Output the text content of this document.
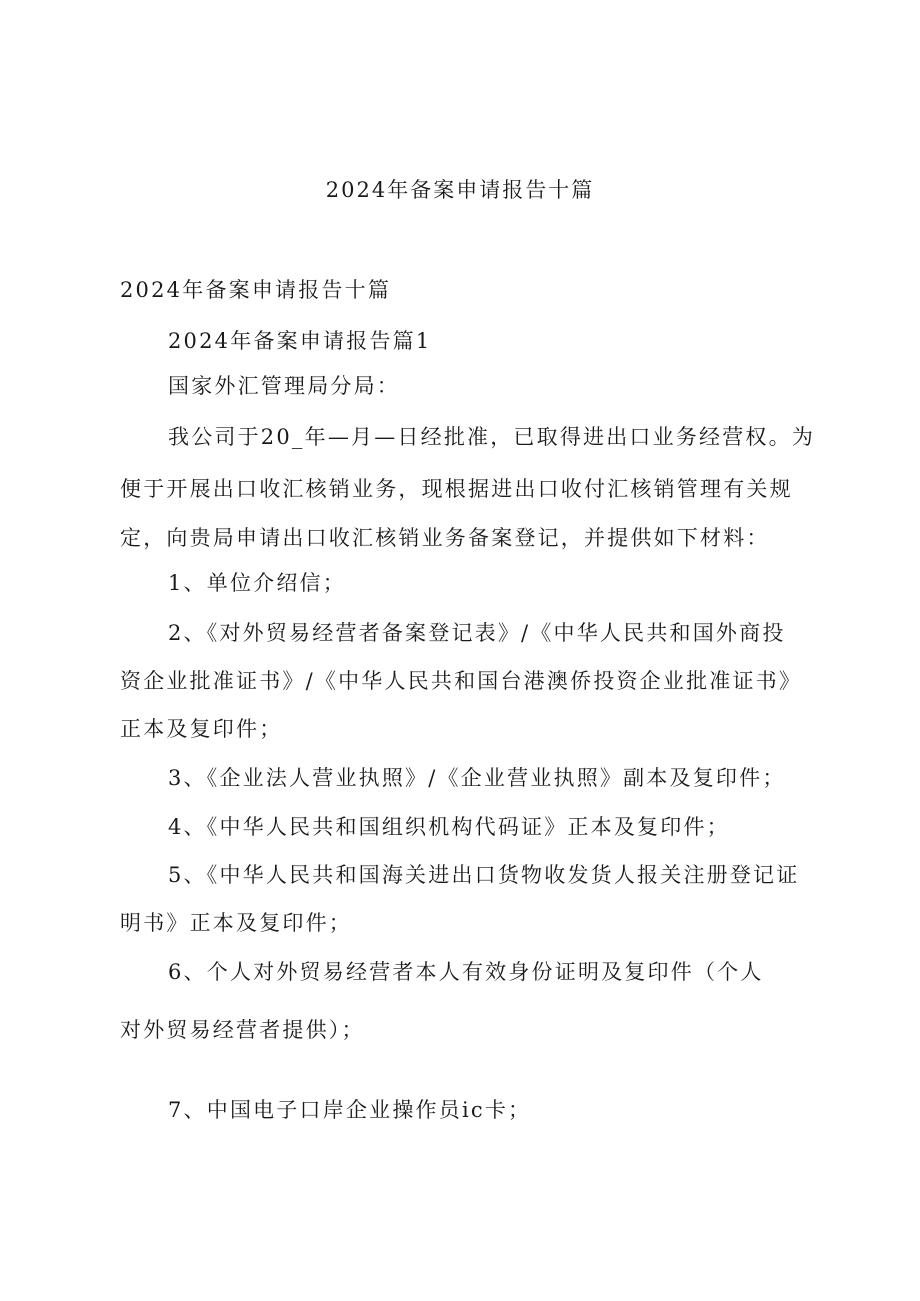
2024年备案申请报告十篇

2024年备案申请报告十篇

2024年备案申请报告篇1

国家外汇管理局分局：

我公司于20_年—月—日经批准，已取得进出口业务经营权。为

便于开展出口收汇核销业务，现根据进出口收付汇核销管理有关规

定，向贵局申请出口收汇核销业务备案登记，并提供如下材料：

1、单位介绍信；

2、《对外贸易经营者备案登记表》/《中华人民共和国外商投

资企业批准证书》/《中华人民共和国台港澳侨投资企业批准证书》

正本及复印件；

3、《企业法人营业执照》/《企业营业执照》副本及复印件；

4、《中华人民共和国组织机构代码证》正本及复印件；

5、《中华人民共和国海关进出口货物收发货人报关注册登记证

明书》正本及复印件；

6、个人对外贸易经营者本人有效身份证明及复印件（个人

对外贸易经营者提供）；

7、中国电子口岸企业操作员ic卡；
